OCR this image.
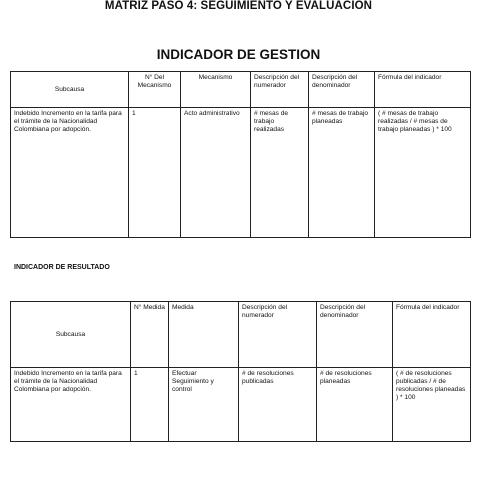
MATRIZ PASO 4: SEGUIMIENTO Y EVALUACIÓN
INDICADOR DE GESTION
Subcausa	N° Del Mecanismo	Mecanismo	Descripción del numerador	Descripción del denominador	Fórmula del indicador
Indebido Incremento en la tarifa para el trámite de la Nacionalidad Colombiana por adopción.	1	Acto administrativo	# mesas de trabajo realizadas	# mesas de trabajo planeadas	( # mesas de trabajo realizadas / # mesas de trabajo planeadas ) * 100
INDICADOR DE RESULTADO
Subcausa	N° Medida	Medida	Descripción del numerador	Descripción del denominador	Fórmula del indicador
Indebido Incremento en la tarifa para el trámite de la Nacionalidad Colombiana por adopción.	1	Efectuar Seguimiento y control	# de resoluciones publicadas	# de resoluciones planeadas	( # de resoluciones publicadas / # de resoluciones planeadas ) * 100
